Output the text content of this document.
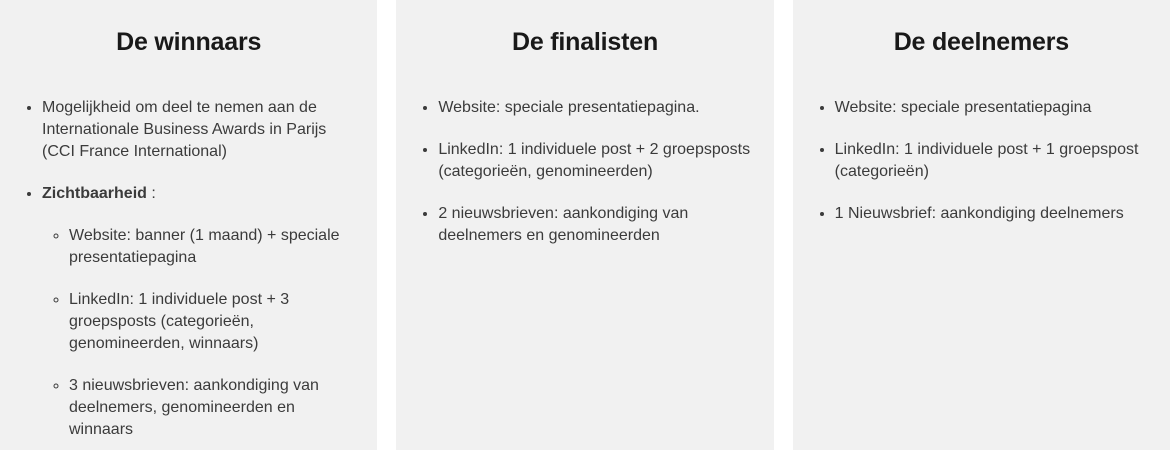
De winnaars
• Mogelijkheid om deel te nemen aan de Internationale Business Awards in Parijs (CCI France International)
• Zichtbaarheid :
◦ Website: banner (1 maand) + speciale presentatiepagina
◦ LinkedIn: 1 individuele post + 3 groepsposts (categorieën, genomineerden, winnaars)
◦ 3 nieuwsbrieven: aankondiging van deelnemers, genomineerden en winnaars
De finalisten
• Website: speciale presentatiepagina.
• LinkedIn: 1 individuele post + 2 groepsposts (categorieën, genomineerden)
• 2 nieuwsbrieven: aankondiging van deelnemers en genomineerden
De deelnemers
• Website: speciale presentatiepagina
• LinkedIn: 1 individuele post + 1 groepspost (categorieën)
• 1 Nieuwsbrief: aankondiging deelnemers
